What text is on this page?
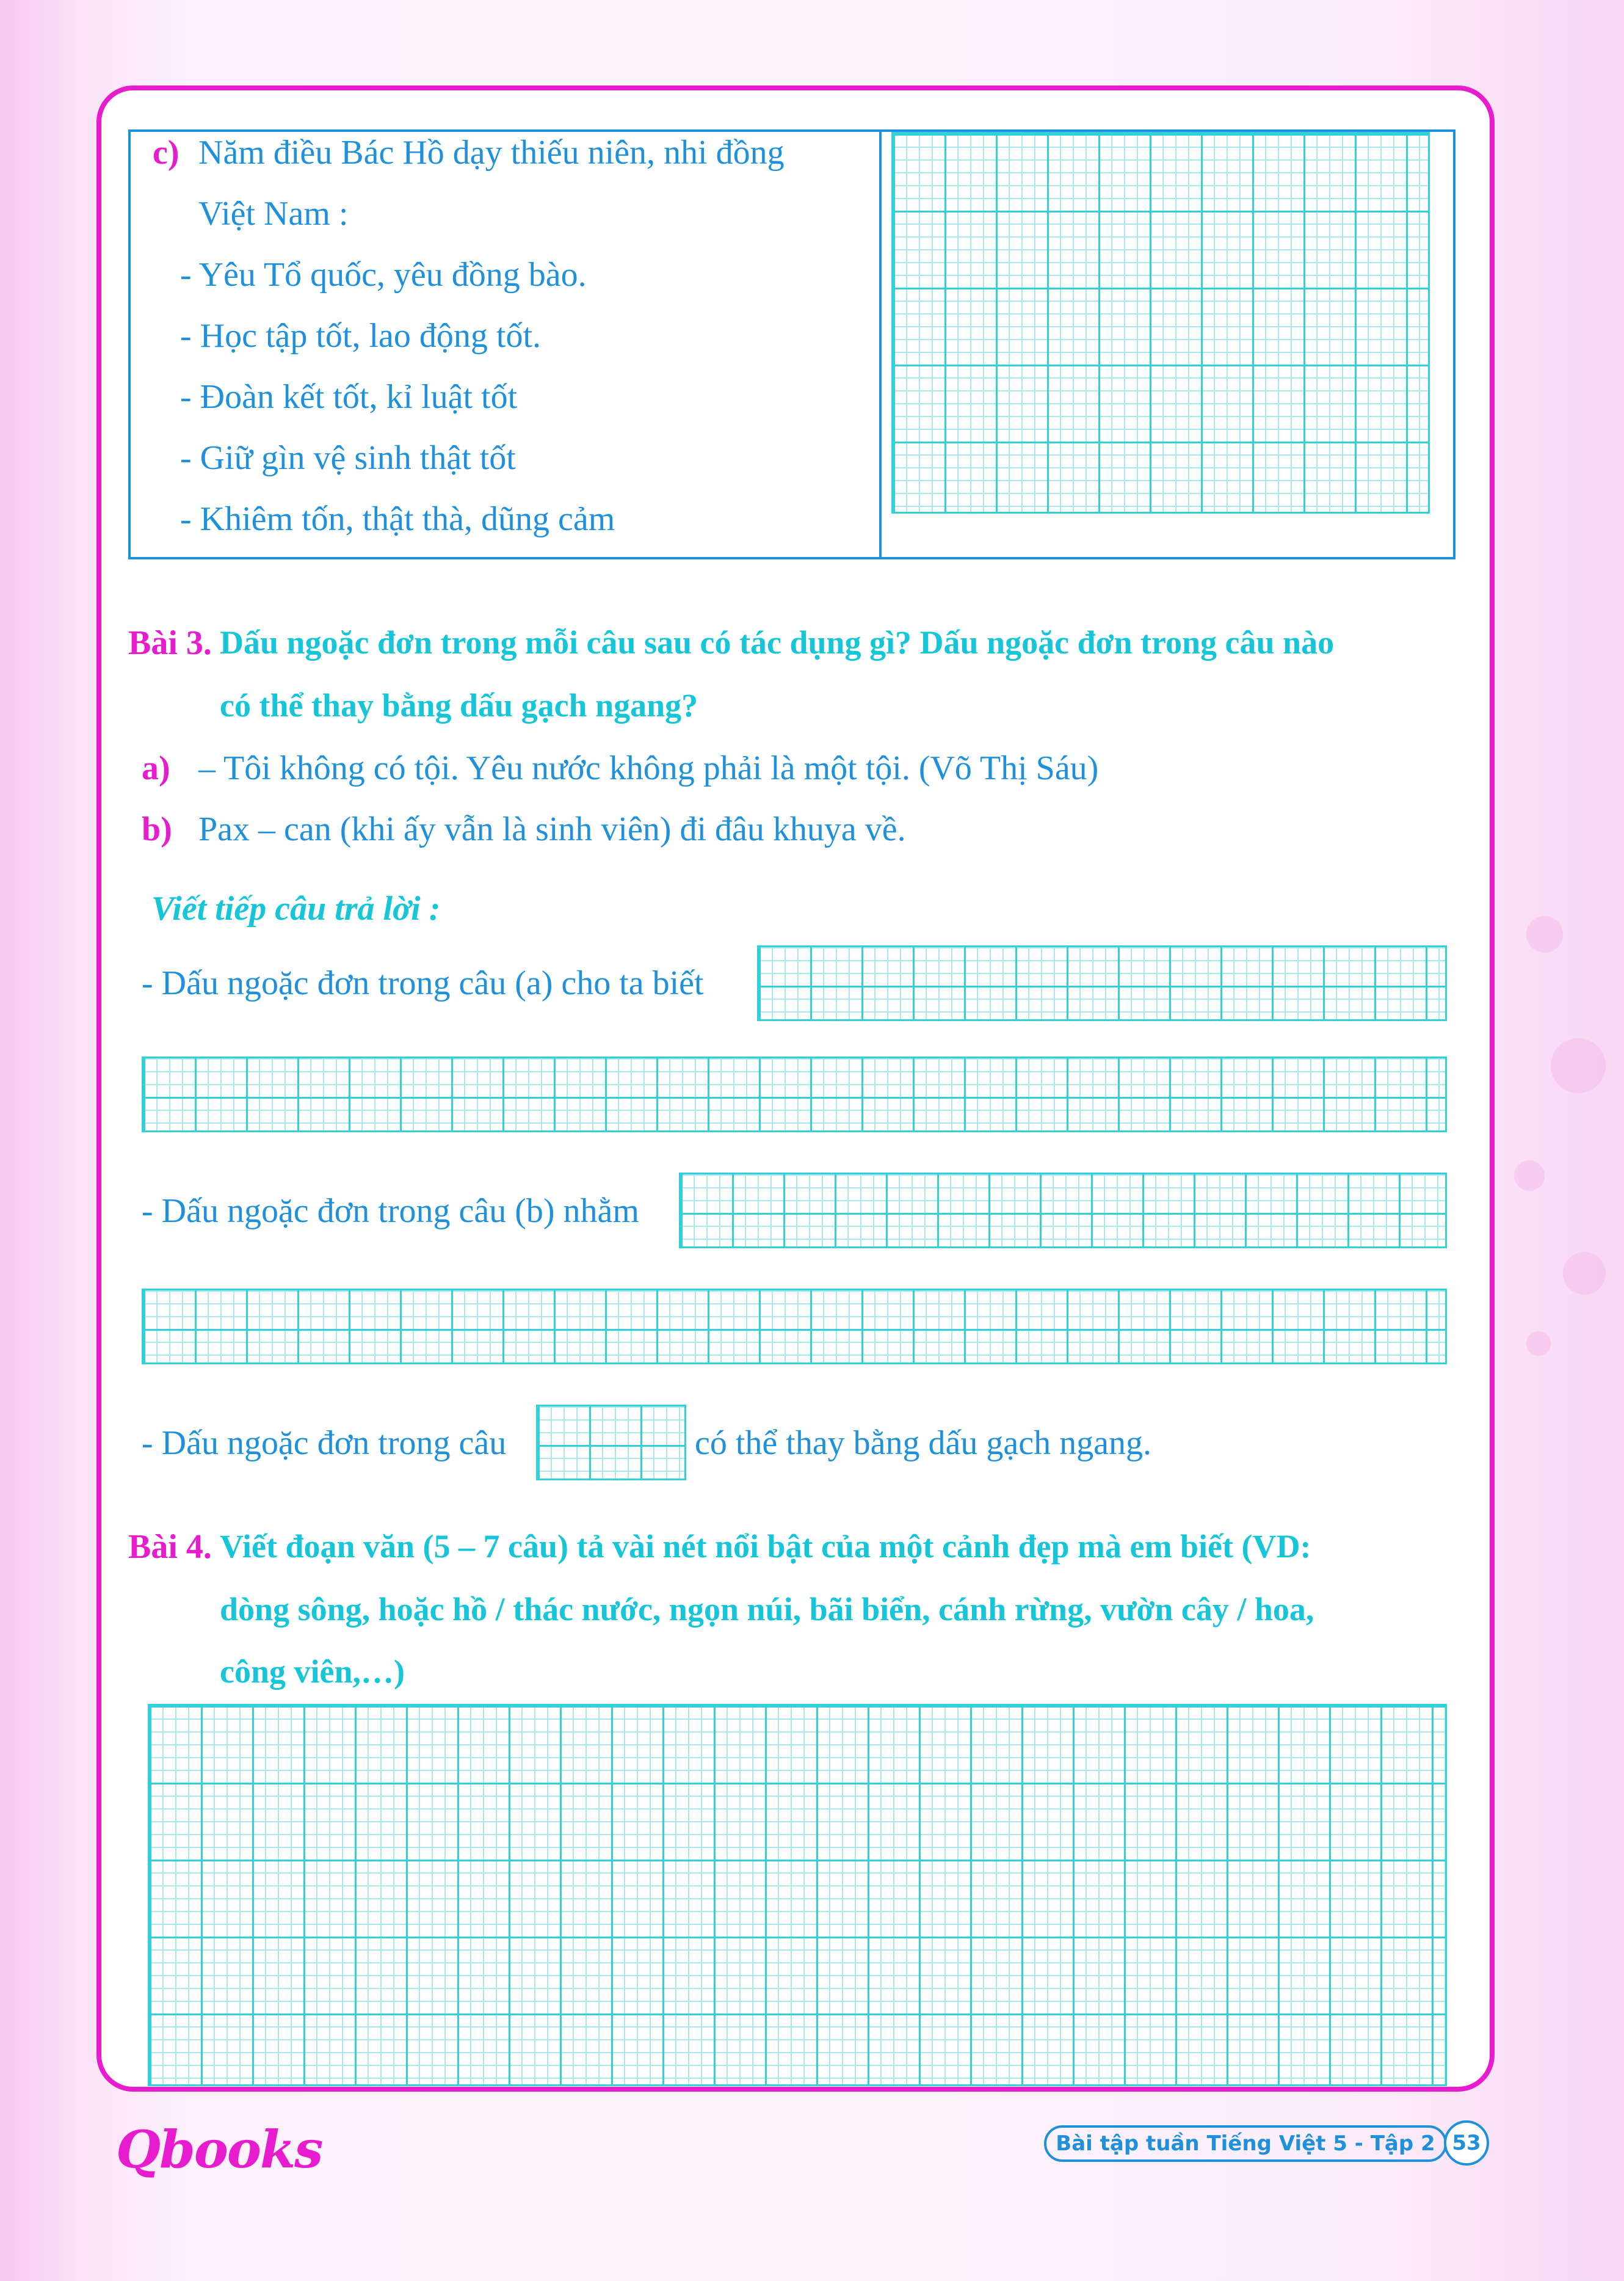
c) Năm điều Bác Hồ dạy thiếu niên, nhi đồng
Việt Nam :
- Yêu Tổ quốc, yêu đồng bào.
- Học tập tốt, lao động tốt.
- Đoàn kết tốt, kỉ luật tốt
- Giữ gìn vệ sinh thật tốt
- Khiêm tốn, thật thà, dũng cảm
Bài 3. Dấu ngoặc đơn trong mỗi câu sau có tác dụng gì? Dấu ngoặc đơn trong câu nào
có thể thay bằng dấu gạch ngang?
a) – Tôi không có tội. Yêu nước không phải là một tội. (Võ Thị Sáu)
b) Pax – can (khi ấy vẫn là sinh viên) đi đâu khuya về.
Viết tiếp câu trả lời :
- Dấu ngoặc đơn trong câu (a) cho ta biết
- Dấu ngoặc đơn trong câu (b) nhằm
- Dấu ngoặc đơn trong câu	có thể thay bằng dấu gạch ngang.
Bài 4. Viết đoạn văn (5 – 7 câu) tả vài nét nổi bật của một cảnh đẹp mà em biết (VD:
dòng sông, hoặc hồ / thác nước, ngọn núi, bãi biển, cánh rừng, vườn cây / hoa,
công viên,…)
Qbooks	Bài tập tuần Tiếng Việt 5 - Tập 2 53
